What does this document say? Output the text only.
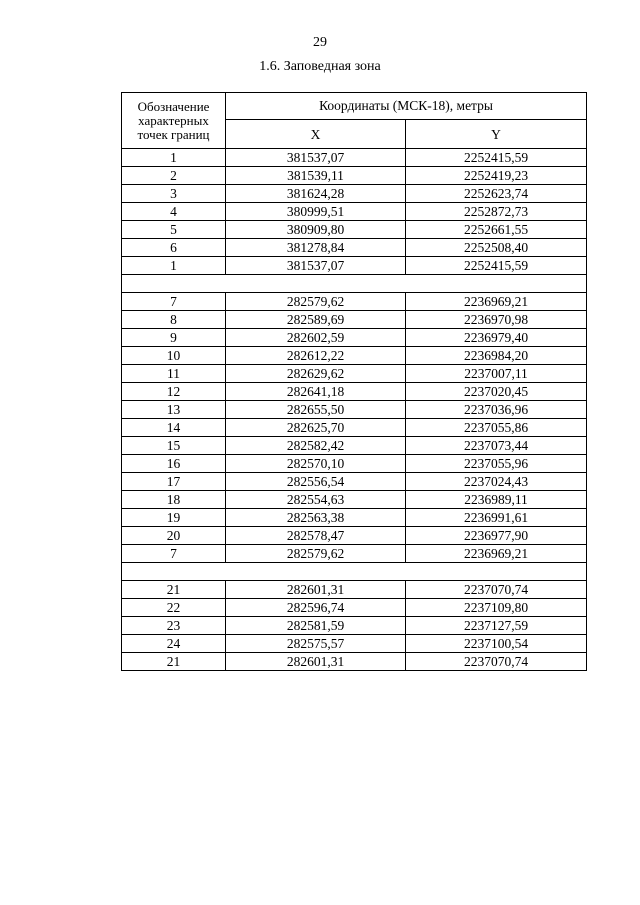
29
1.6. Заповедная зона
Обозначение характерных точек границ	Координаты (МСК-18), метры	
	X	Y
1	381537,07	2252415,59
2	381539,11	2252419,23
3	381624,28	2252623,74
4	380999,51	2252872,73
5	380909,80	2252661,55
6	381278,84	2252508,40
1	381537,07	2252415,59

7	282579,62	2236969,21
8	282589,69	2236970,98
9	282602,59	2236979,40
10	282612,22	2236984,20
11	282629,62	2237007,11
12	282641,18	2237020,45
13	282655,50	2237036,96
14	282625,70	2237055,86
15	282582,42	2237073,44
16	282570,10	2237055,96
17	282556,54	2237024,43
18	282554,63	2236989,11
19	282563,38	2236991,61
20	282578,47	2236977,90
7	282579,62	2236969,21

21	282601,31	2237070,74
22	282596,74	2237109,80
23	282581,59	2237127,59
24	282575,57	2237100,54
21	282601,31	2237070,74
